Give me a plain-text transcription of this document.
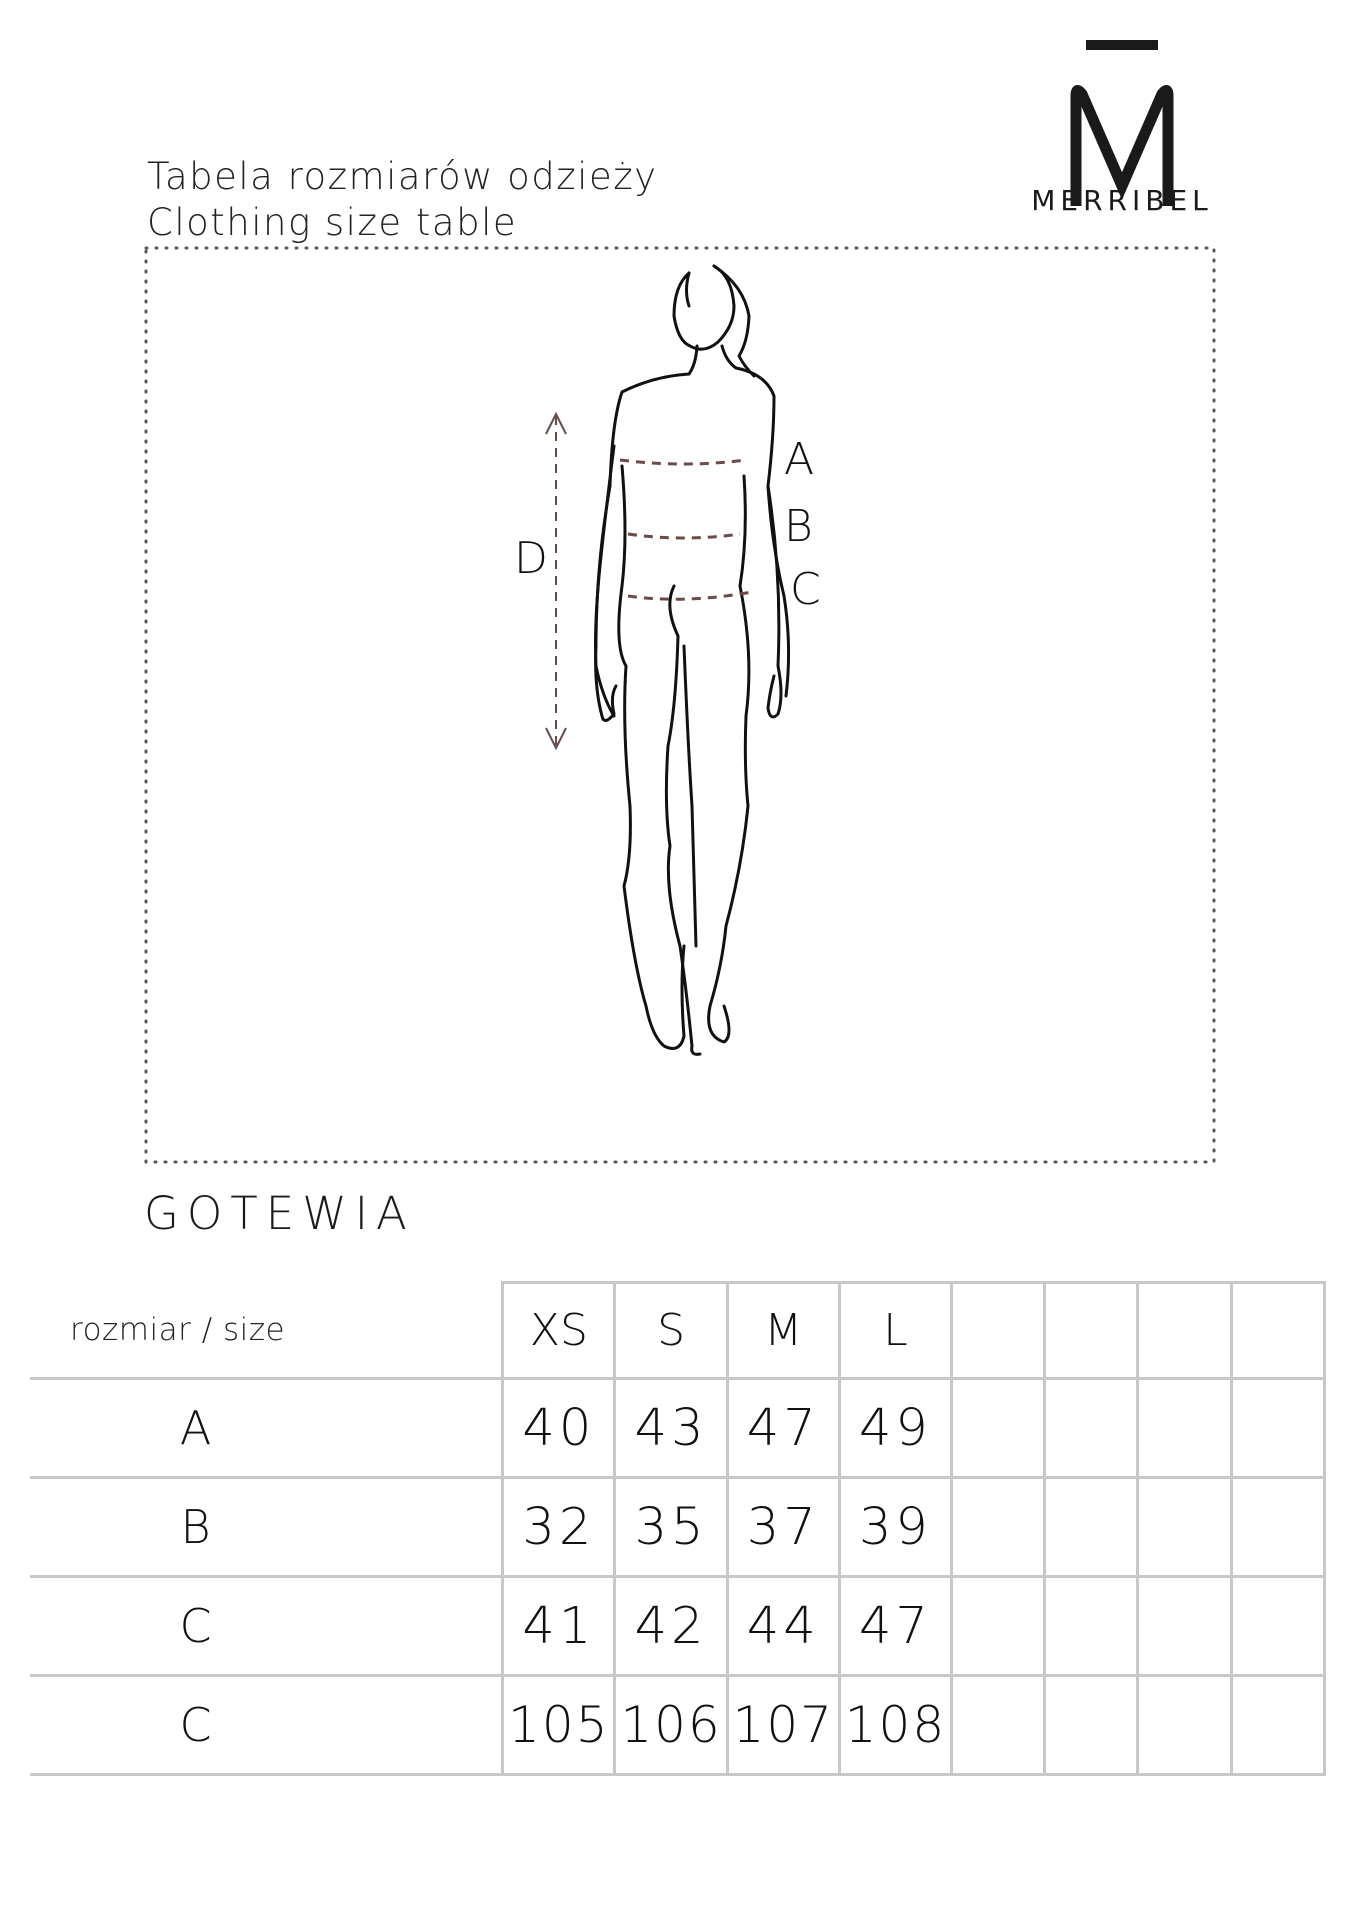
Tabela rozmiarów odzieży
Clothing size table
MERRIBEL
A
B
C
D
GOTEWIA
rozmiar / size	XS	S	M	L				
A	40	43	47	49				
B	32	35	37	39				
C	41	42	44	47				
C	105	106	107	108				
